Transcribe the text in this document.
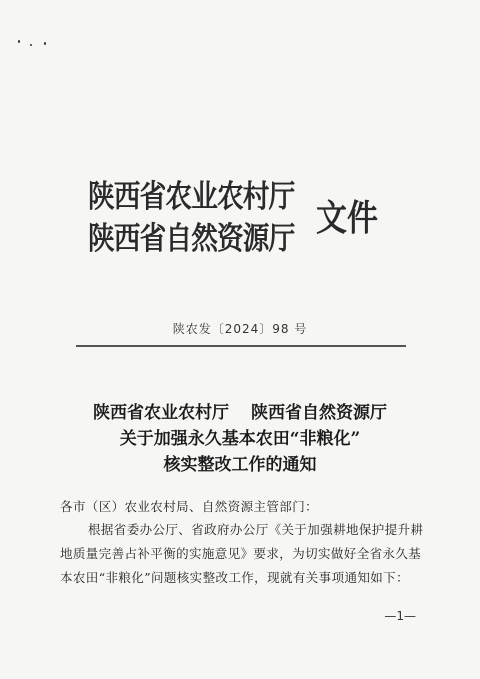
陕西省农业农村厅
陕西省自然资源厅 文件
陕农发〔2024〕98 号
陕西省农业农村厅 陕西省自然资源厅
关于加强永久基本农田“非粮化”
核实整改工作的通知
各市（区）农业农村局、自然资源主管部门：
根据省委办公厅、省政府办公厅《关于加强耕地保护提升耕
地质量完善占补平衡的实施意见》要求，为切实做好全省永久基
本农田“非粮化”问题核实整改工作，现就有关事项通知如下：
—1—
